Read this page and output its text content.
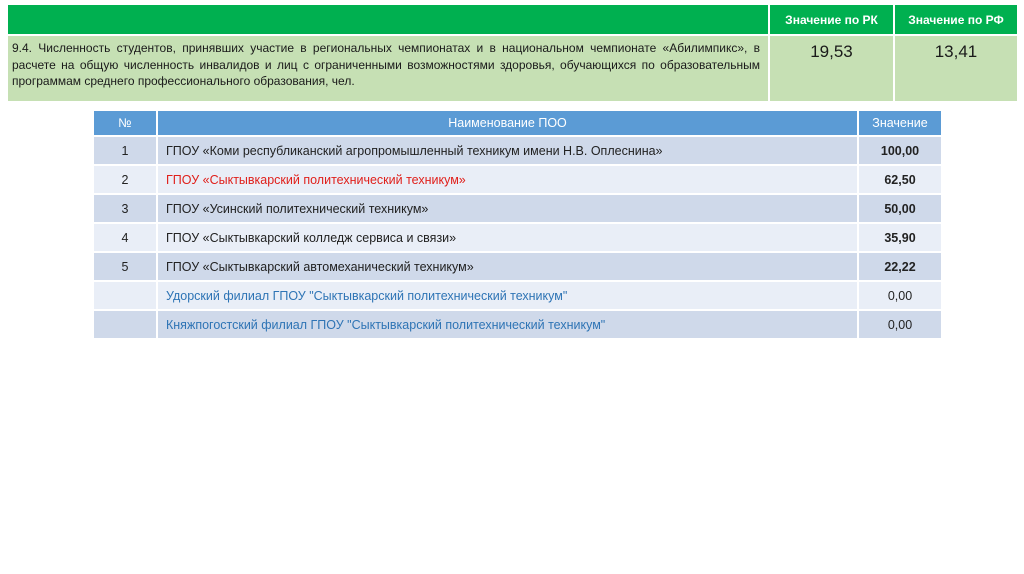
	Значение по РК	Значение по РФ
9.4. Численность студентов, принявших участие в региональных чемпионатах и в национальном чемпионате «Абилимпикс», в расчете на общую численность инвалидов и лиц с ограниченными возможностями здоровья, обучающихся по образовательным программам среднего профессионального образования, чел.	19,53	13,41
№	Наименование ПОО	Значение
1	ГПОУ «Коми республиканский агропромышленный техникум имени Н.В. Оплеснина»	100,00
2	ГПОУ «Сыктывкарский политехнический техникум»	62,50
3	ГПОУ «Усинский политехнический техникум»	50,00
4	ГПОУ «Сыктывкарский колледж сервиса и связи»	35,90
5	ГПОУ «Сыктывкарский автомеханический техникум»	22,22
	Удорский филиал ГПОУ "Сыктывкарский политехнический техникум"	0,00
	Княжпогостский филиал ГПОУ "Сыктывкарский политехнический техникум"	0,00
